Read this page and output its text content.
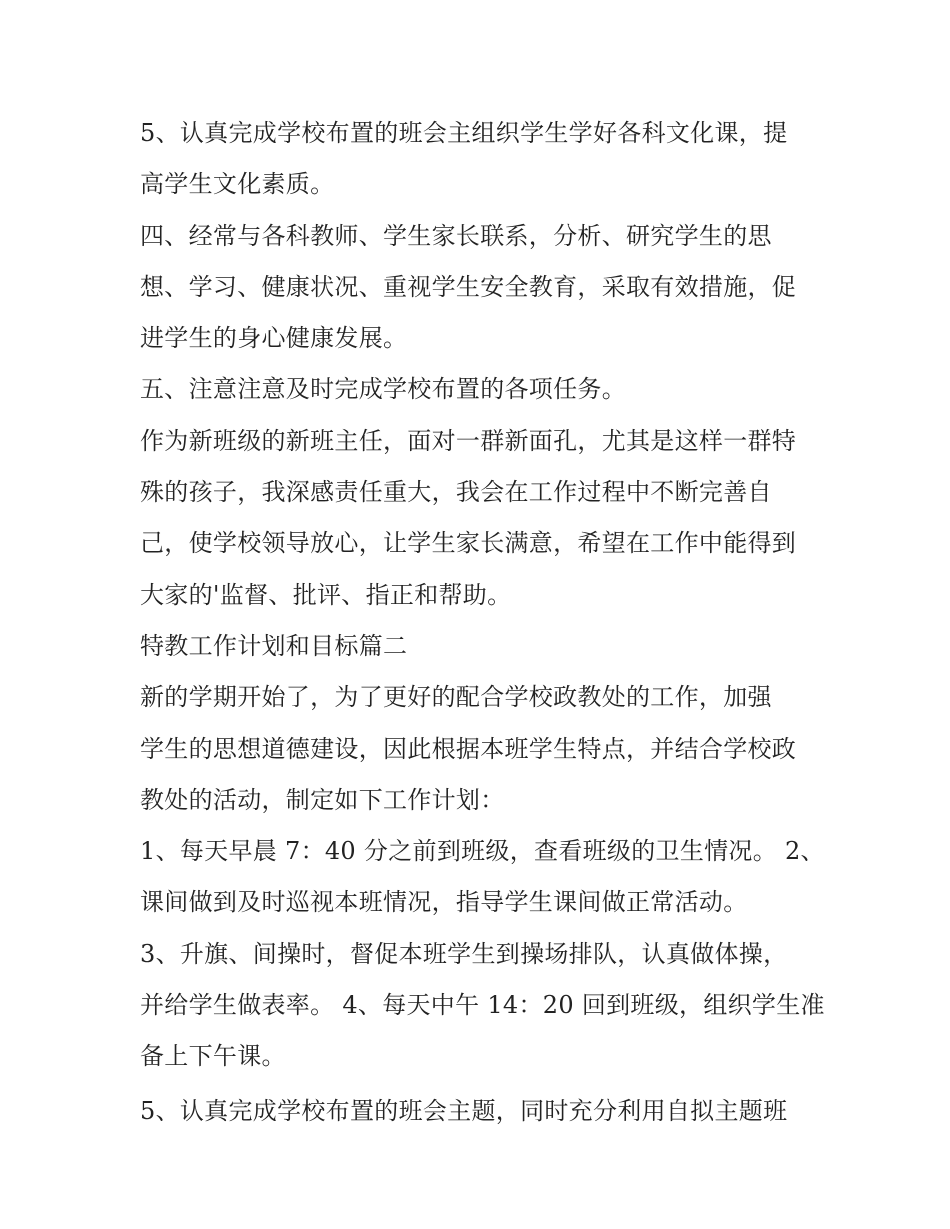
5、认真完成学校布置的班会主组织学生学好各科文化课，提
高学生文化素质。
四、经常与各科教师、学生家长联系，分析、研究学生的思
想、学习、健康状况、重视学生安全教育，采取有效措施，促
进学生的身心健康发展。
五、注意注意及时完成学校布置的各项任务。
作为新班级的新班主任，面对一群新面孔，尤其是这样一群特
殊的孩子，我深感责任重大，我会在工作过程中不断完善自
己，使学校领导放心，让学生家长满意，希望在工作中能得到
大家的'监督、批评、指正和帮助。
特教工作计划和目标篇二
新的学期开始了，为了更好的配合学校政教处的工作，加强
学生的思想道德建设，因此根据本班学生特点，并结合学校政
教处的活动，制定如下工作计划：
1、每天早晨 7：40 分之前到班级，查看班级的卫生情况。 2、
课间做到及时巡视本班情况，指导学生课间做正常活动。
3、升旗、间操时，督促本班学生到操场排队，认真做体操，
并给学生做表率。 4、每天中午 14：20 回到班级，组织学生准
备上下午课。
5、认真完成学校布置的班会主题，同时充分利用自拟主题班
